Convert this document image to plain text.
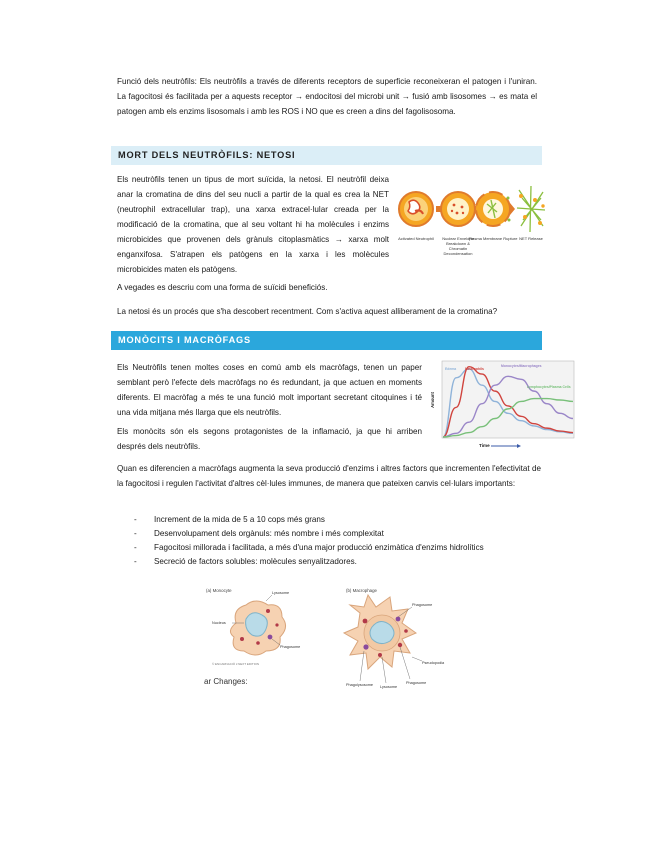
Funció dels neutròfils: Els neutròfils a través de diferents receptors de superficie reconeixeran el patogen i l'uniran. La fagocitosi és facilitada per a aquests receptor → endocitosi del microbi unit → fusió amb lisosomes → es mata el patogen amb els enzims lisosomals i amb les ROS i NO que es creen a dins del fagolisosoma.

MORT DELS NEUTRÒFILS: NETOSI

Els neutròfils tenen un tipus de mort suïcida, la netosi. El neutròfil deixa anar la cromatina de dins del seu nucli a partir de la qual es crea la NET (neutrophil extracellular trap), una xarxa extracel·lular creada per la modificació de la cromatina, que al seu voltant hi ha molècules i enzims microbicides que provenen dels grànuls citoplasmàtics → xarxa molt enganxifosa. S'atrapen els patògens en la xarxa i les molècules microbicides maten els patògens.

Activated Neutrophil Nuclear Envelope Breakdown & Chromatin Decondensation
Plasma Membrane Rupture NET Release

A vegades es descriu com una forma de suïcidi beneficiós.

La netosi és un procés que s'ha descobert recentment. Com s'activa aquest alliberament de la cromatina?

MONÒCITS I MACRÒFAGS

Els Neutròfils tenen moltes coses en comú amb els macròfags, tenen un paper semblant però l'efecte dels macròfags no és redundant, ja que actuen en moments diferents. El macròfag a més te una funció molt important secretant citoquines i té una vida mitjana més llarga que els neutròfils.

Els monòcits són els segons protagonistes de la inflamació, ja que hi arriben després dels neutròfils.

Edema	Neutrophils
Monocytes/Macrophages
Lymphocytes/Plasma Cells
Amount
Time

Quan es diferencien a macròfags augmenta la seva producció d'enzims i altres factors que incrementen l'efectivitat de la fagocitosi i regulen l'activitat d'altres cèl·lules immunes, de manera que pateixen canvis cel·lulars importants:

- Increment de la mida de 5 a 10 cops més grans
- Desenvolupament dels orgànuls: més nombre i més complexitat
- Fagocitosi millorada i facilitada, a més d'una major producció enzimàtica d'enzims hidrolítics
- Secreció de factors solubles: molècules senyalitzadores.
(a) Monocyte	Lysosome
Nucleus
Phagosome
© ENCARNACIÓ L'NEXT EDITION
(b) Macrophage
Phagosome
Pseudopodia
Phagolysosome Lysosome
Phagosome
ar Changes:
